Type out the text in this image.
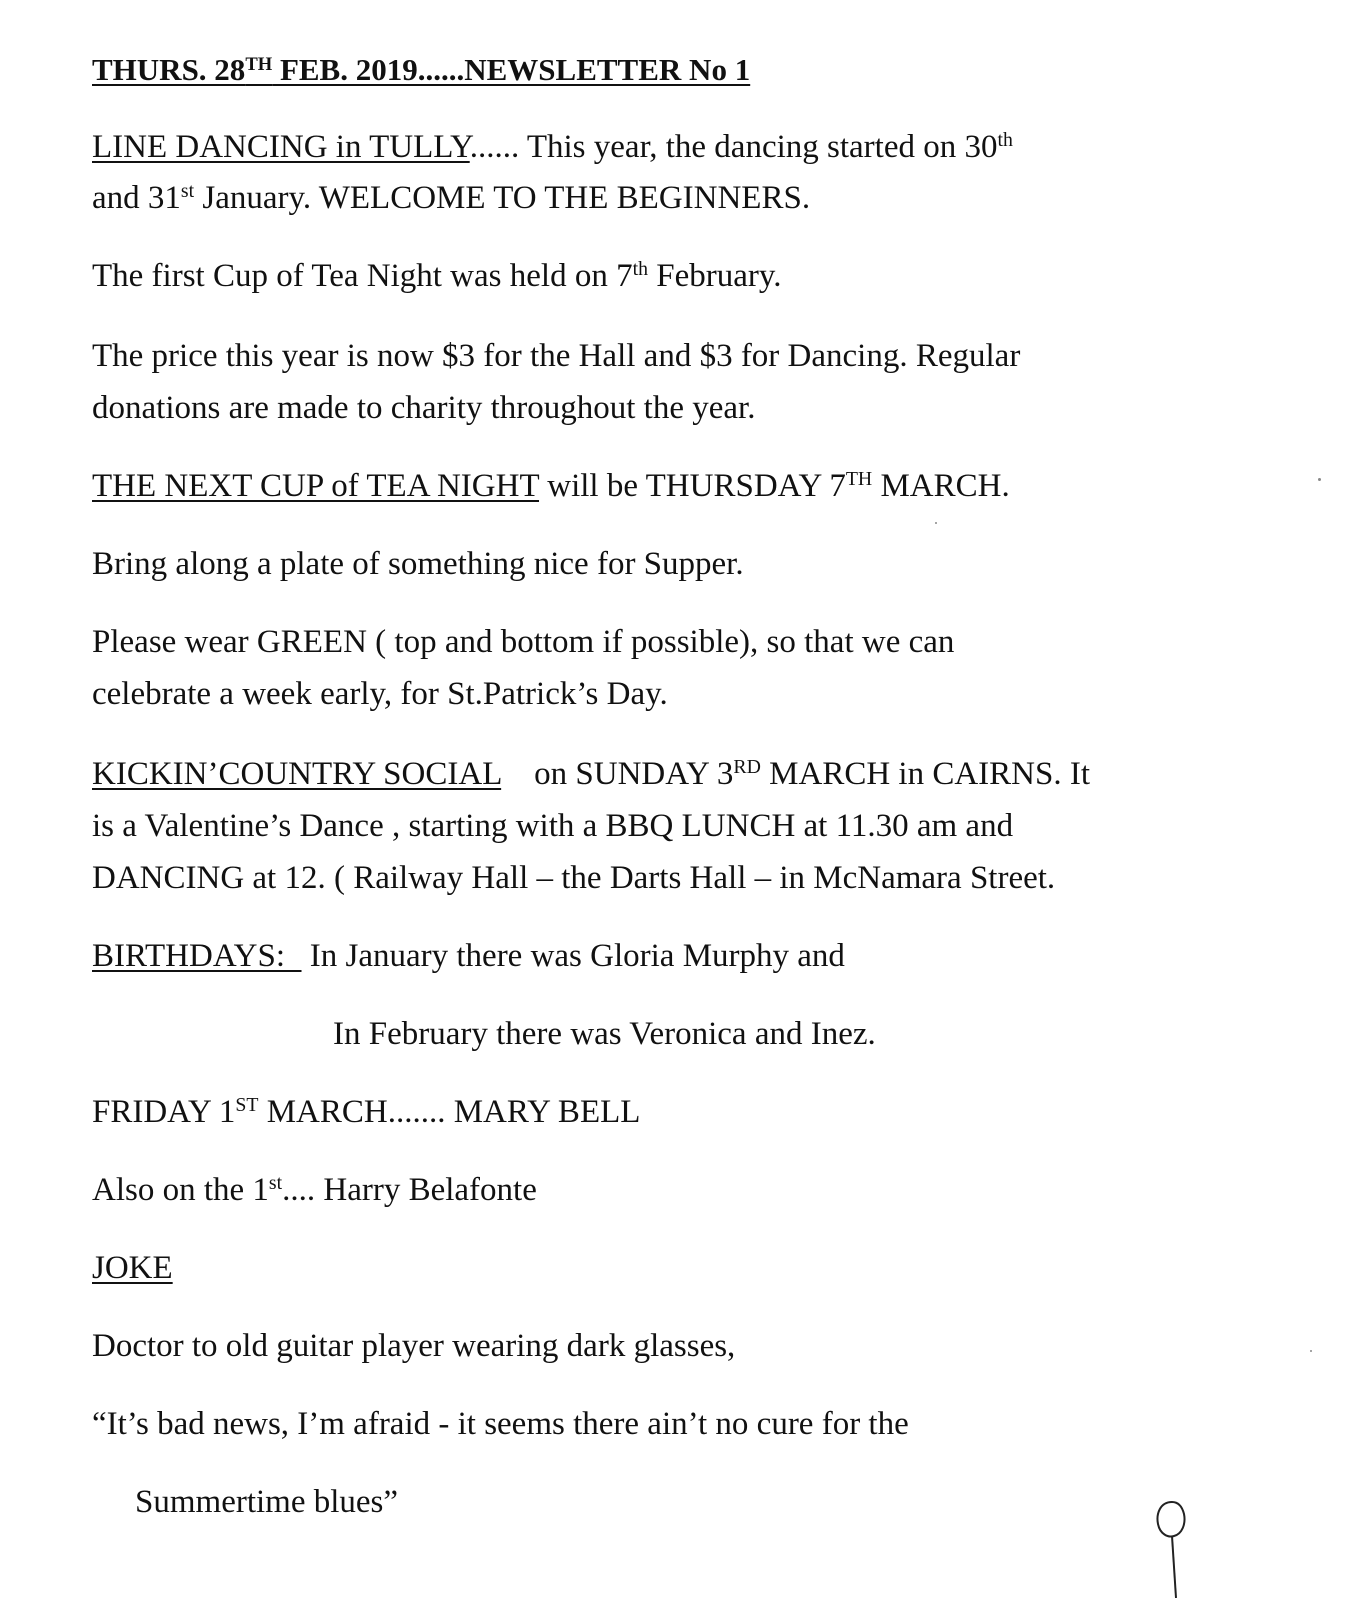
THURS. 28TH FEB. 2019......NEWSLETTER No 1
LINE DANCING in TULLY...... This year, the dancing started on 30th
and 31st January. WELCOME TO THE BEGINNERS.
The first Cup of Tea Night was held on 7th February.
The price this year is now $3 for the Hall and $3 for Dancing. Regular
donations are made to charity throughout the year.
THE NEXT CUP of TEA NIGHT will be THURSDAY 7TH MARCH.
Bring along a plate of something nice for Supper.
Please wear GREEN ( top and bottom if possible), so that we can
celebrate a week early, for St.Patrick’s Day.
KICKIN’COUNTRY SOCIAL    on SUNDAY 3RD MARCH in CAIRNS. It
is a Valentine’s Dance , starting with a BBQ LUNCH at 11.30 am and
DANCING at 12. ( Railway Hall – the Darts Hall – in McNamara Street.
BIRTHDAYS:   In January there was Gloria Murphy and
In February there was Veronica and Inez.
FRIDAY 1ST MARCH....... MARY BELL
Also on the 1st.... Harry Belafonte
JOKE
Doctor to old guitar player wearing dark glasses,
“It’s bad news, I’m afraid - it seems there ain’t no cure for the
Summertime blues”
